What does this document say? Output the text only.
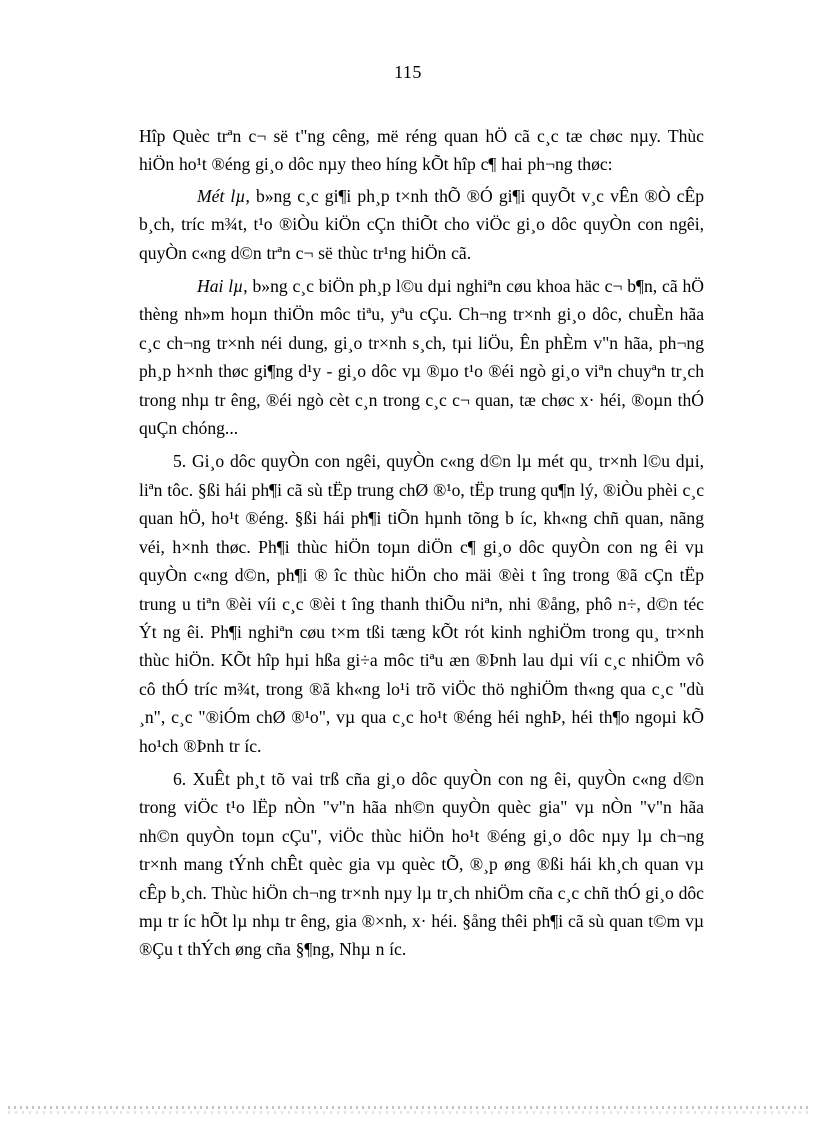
115

Hîp Quèc trªn c¬ së t"ng cêng, më réng quan hÖ cã c¸c tæ chøc nµy. Thùc hiÖn ho¹t ®éng gi¸o dôc nµy theo híng kÕt hîp c¶ hai ph¬ng thøc:

Mét lµ, b»ng c¸c gi¶i ph¸p t×nh thÕ ®Ó gi¶i quyÕt v¸c vÊn ®Ò cÊp b¸ch, tríc m¾t, t¹o ®iÒu kiÖn cÇn thiÕt cho viÖc gi¸o dôc quyÒn con ngêi, quyÒn c«ng d©n trªn c¬ së thùc tr¹ng hiÖn cã.

Hai lµ, b»ng c¸c biÖn ph¸p l©u dµi nghiªn cøu khoa häc c¬ b¶n, cã hÖ thèng nh»m hoµn thiÖn môc tiªu, yªu cÇu. Ch¬ng tr×nh gi¸o dôc, chuÈn hãa c¸c ch¬ng tr×nh néi dung, gi¸o tr×nh s¸ch, tµi liÖu, Ên phÈm v"n hãa, ph¬ng ph¸p h×nh thøc gi¶ng d¹y - gi¸o dôc vµ ®µo t¹o ®éi ngò gi¸o viªn chuyªn tr¸ch trong nhµ tr êng, ®éi ngò cèt c¸n trong c¸c c¬ quan, tæ chøc x· héi, ®oµn thÓ quÇn chóng...

5. Gi¸o dôc quyÒn con ngêi, quyÒn c«ng d©n lµ mét qu¸ tr×nh l©u dµi, liªn tôc. §ßi hái ph¶i cã sù tËp trung chØ ®¹o, tËp trung qu¶n lý, ®iÒu phèi c¸c quan hÖ, ho¹t ®éng. §ßi hái ph¶i tiÕn hµnh tõng b íc, kh«ng chñ quan, nãng véi, h×nh thøc. Ph¶i thùc hiÖn toµn diÖn c¶ gi¸o dôc quyÒn con ng êi vµ quyÒn c«ng d©n, ph¶i ® îc thùc hiÖn cho mäi ®èi t îng trong ®ã cÇn tËp trung u tiªn ®èi víi c¸c ®èi t îng thanh thiÕu niªn, nhi ®ång, phô n÷, d©n téc Ýt ng êi. Ph¶i nghiªn cøu t×m tßi tæng kÕt rót kinh nghiÖm trong qu¸ tr×nh thùc hiÖn. KÕt hîp hµi hßa gi÷a môc tiªu æn ®Þnh lau dµi víi c¸c nhiÖm vô cô thÓ tríc m¾t, trong ®ã kh«ng lo¹i trõ viÖc thö nghiÖm th«ng qua c¸c "dù ¸n", c¸c "®iÓm chØ ®¹o", vµ qua c¸c ho¹t ®éng héi nghÞ, héi th¶o ngoµi kÕ ho¹ch ®Þnh tr íc.

6. XuÊt ph¸t tõ vai trß cña gi¸o dôc quyÒn con ng êi, quyÒn c«ng d©n trong viÖc t¹o lËp nÒn "v"n hãa nh©n quyÒn quèc gia" vµ nÒn "v"n hãa nh©n quyÒn toµn cÇu", viÖc thùc hiÖn ho¹t ®éng gi¸o dôc nµy lµ ch¬ng tr×nh mang tÝnh chÊt quèc gia vµ quèc tÕ, ®¸p øng ®ßi hái kh¸ch quan vµ cÊp b¸ch. Thùc hiÖn ch¬ng tr×nh nµy lµ tr¸ch nhiÖm cña c¸c chñ thÓ gi¸o dôc mµ tr íc hÕt lµ nhµ tr êng, gia ®×nh, x· héi. §ång thêi ph¶i cã sù quan t©m vµ ®Çu t thÝch øng cña §¶ng, Nhµ n íc.
